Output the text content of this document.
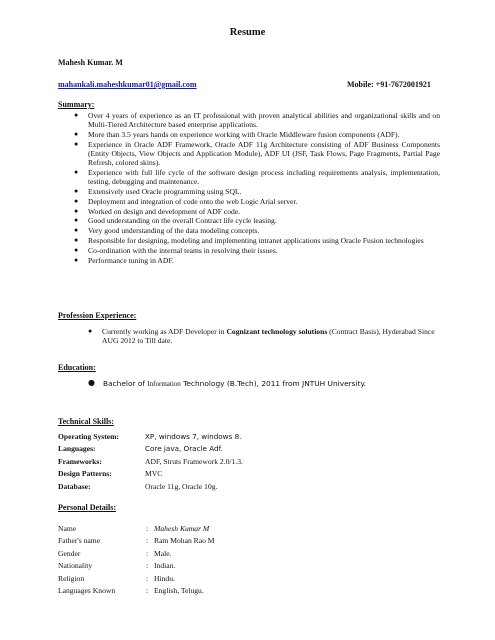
Resume
Mahesh Kumar. M
mahankali.maheshkumar01@gmail.com	Mobile: +91-7672001921
Summary:
● Over 4 years of experience as an IT professional with proven analytical abilities and organizational skills and on Multi-Tiered Architecture based enterprise applications.
● More than 3.5 years hands on experience working with Oracle Middleware fusion components (ADF).
● Experience in Oracle ADF Framework, Oracle ADF 11g Architecture consisting of ADF Business Components (Entity Objects, View Objects and Application Module), ADF UI (JSF, Task Flows, Page Fragments, Partial Page Refresh, colored skins).
● Experience with full life cycle of the software design process including requirements analysis, implementation, testing, debugging and maintenance.
● Extensively used Oracle programming using SQL.
● Deployment and integration of code onto the web Logic Arial server.
● Worked on design and development of ADF code.
● Good understanding on the overall Contract life cycle leasing.
● Very good understanding of the data modeling concepts.
● Responsible for designing, modeling and implementing intranet applications using Oracle Fusion technologies
● Co-ordination with the internal teams in resolving their issues.
● Performance tuning in ADF.
Profession Experience:
● Currently working as ADF Developer in Cognizant technology solutions (Contract Basis), Hyderabad Since AUG 2012 to Till date.
Education:
● Bachelor of Information Technology (B.Tech), 2011 from JNTUH University.
Technical Skills:
Operating System:	XP, windows 7, windows 8.
Languages:	Core java, Oracle Adf.
Frameworks:	ADF, Struts Framework 2.0/1.3.
Design Patterns:	MVC
Database:	Oracle 11g, Oracle 10g.
Personal Details:
Name	:	Mahesh Kumar M
Father's name	:	Ram Mohan Rao M
Gender	:	Male.
Nationality	:	Indian.
Religion	:	Hindu.
Languages Known	:	English, Telugu.
